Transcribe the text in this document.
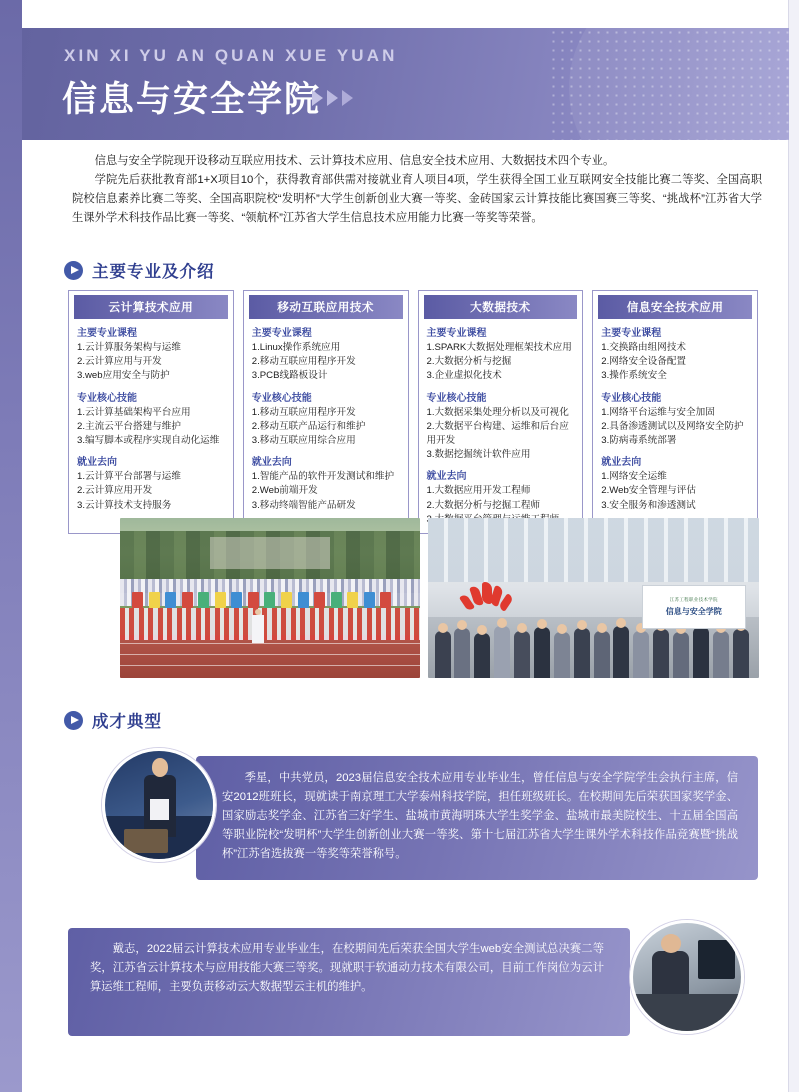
XIN XI YU AN QUAN XUE YUAN
信息与安全学院

信息与安全学院现开设移动互联应用技术、云计算技术应用、信息安全技术应用、大数据技术四个专业。

学院先后获批教育部1+X项目10个，获得教育部供需对接就业育人项目4项，学生获得全国工业互联网安全技能比赛二等奖、全国高职院校信息素养比赛二等奖、全国高职院校“发明杯”大学生创新创业大赛一等奖、金砖国家云计算技能比赛国赛三等奖、“挑战杯”江苏省大学生课外学术科技作品比赛一等奖、“领航杯”江苏省大学生信息技术应用能力比赛一等奖等荣誉。

主要专业及介绍
云计算技术应用
主要专业课程
1.云计算服务架构与运维
2.云计算应用与开发
3.web应用安全与防护
专业核心技能
1.云计算基础架构平台应用
2.主流云平台搭建与维护
3.编写脚本或程序实现自动化运维
就业去向
1.云计算平台部署与运维
2.云计算应用开发
3.云计算技术支持服务
移动互联应用技术
主要专业课程
1.Linux操作系统应用
2.移动互联应用程序开发
3.PCB线路板设计
专业核心技能
1.移动互联应用程序开发
2.移动互联产品运行和维护
3.移动互联应用综合应用
就业去向
1.智能产品的软件开发测试和维护
2.Web前端开发
3.移动终端智能产品研发
大数据技术
主要专业课程
1.SPARK大数据处理框架技术应用
2.大数据分析与挖掘
3.企业虚拟化技术
专业核心技能
1.大数据采集处理分析以及可视化
2.大数据平台构建、运维和后台应用开发
3.数据挖掘统计软件应用
就业去向
1.大数据应用开发工程师
2.大数据分析与挖掘工程师
信息安全技术应用
主要专业课程
1.交换路由组网技术
2.网络安全设备配置
3.操作系统安全
专业核心技能
1.网络平台运维与安全加固
2.具备渗透测试以及网络安全防护
3.防病毒系统部署
就业去向
1.网络安全运维
2.Web安全管理与评估
3.安全服务和渗透测试
江苏工程职业技术学院
信息与安全学院
成才典型
季星，中共党员，2023届信息安全技术应用专业毕业生，曾任信息与安全学院学生会执行主席，信安2012班班长，现就读于南京理工大学泰州科技学院，担任班级班长。在校期间先后荣获国家奖学金、国家励志奖学金、江苏省三好学生、盐城市黄海明珠大学生奖学金、盐城市最美院校生、十五届全国高等职业院校“发明杯”大学生创新创业大赛一等奖、第十七届江苏省大学生课外学术科技作品竞赛暨“挑战杯”江苏省选拔赛一等奖等荣誉称号。
戴志，2022届云计算技术应用专业毕业生，在校期间先后荣获全国大学生web安全测试总决赛二等奖，江苏省云计算技术与应用技能大赛三等奖。现就职于软通动力技术有限公司，目前工作岗位为云计算运维工程师，主要负责移动云大数据型云主机的维护。
